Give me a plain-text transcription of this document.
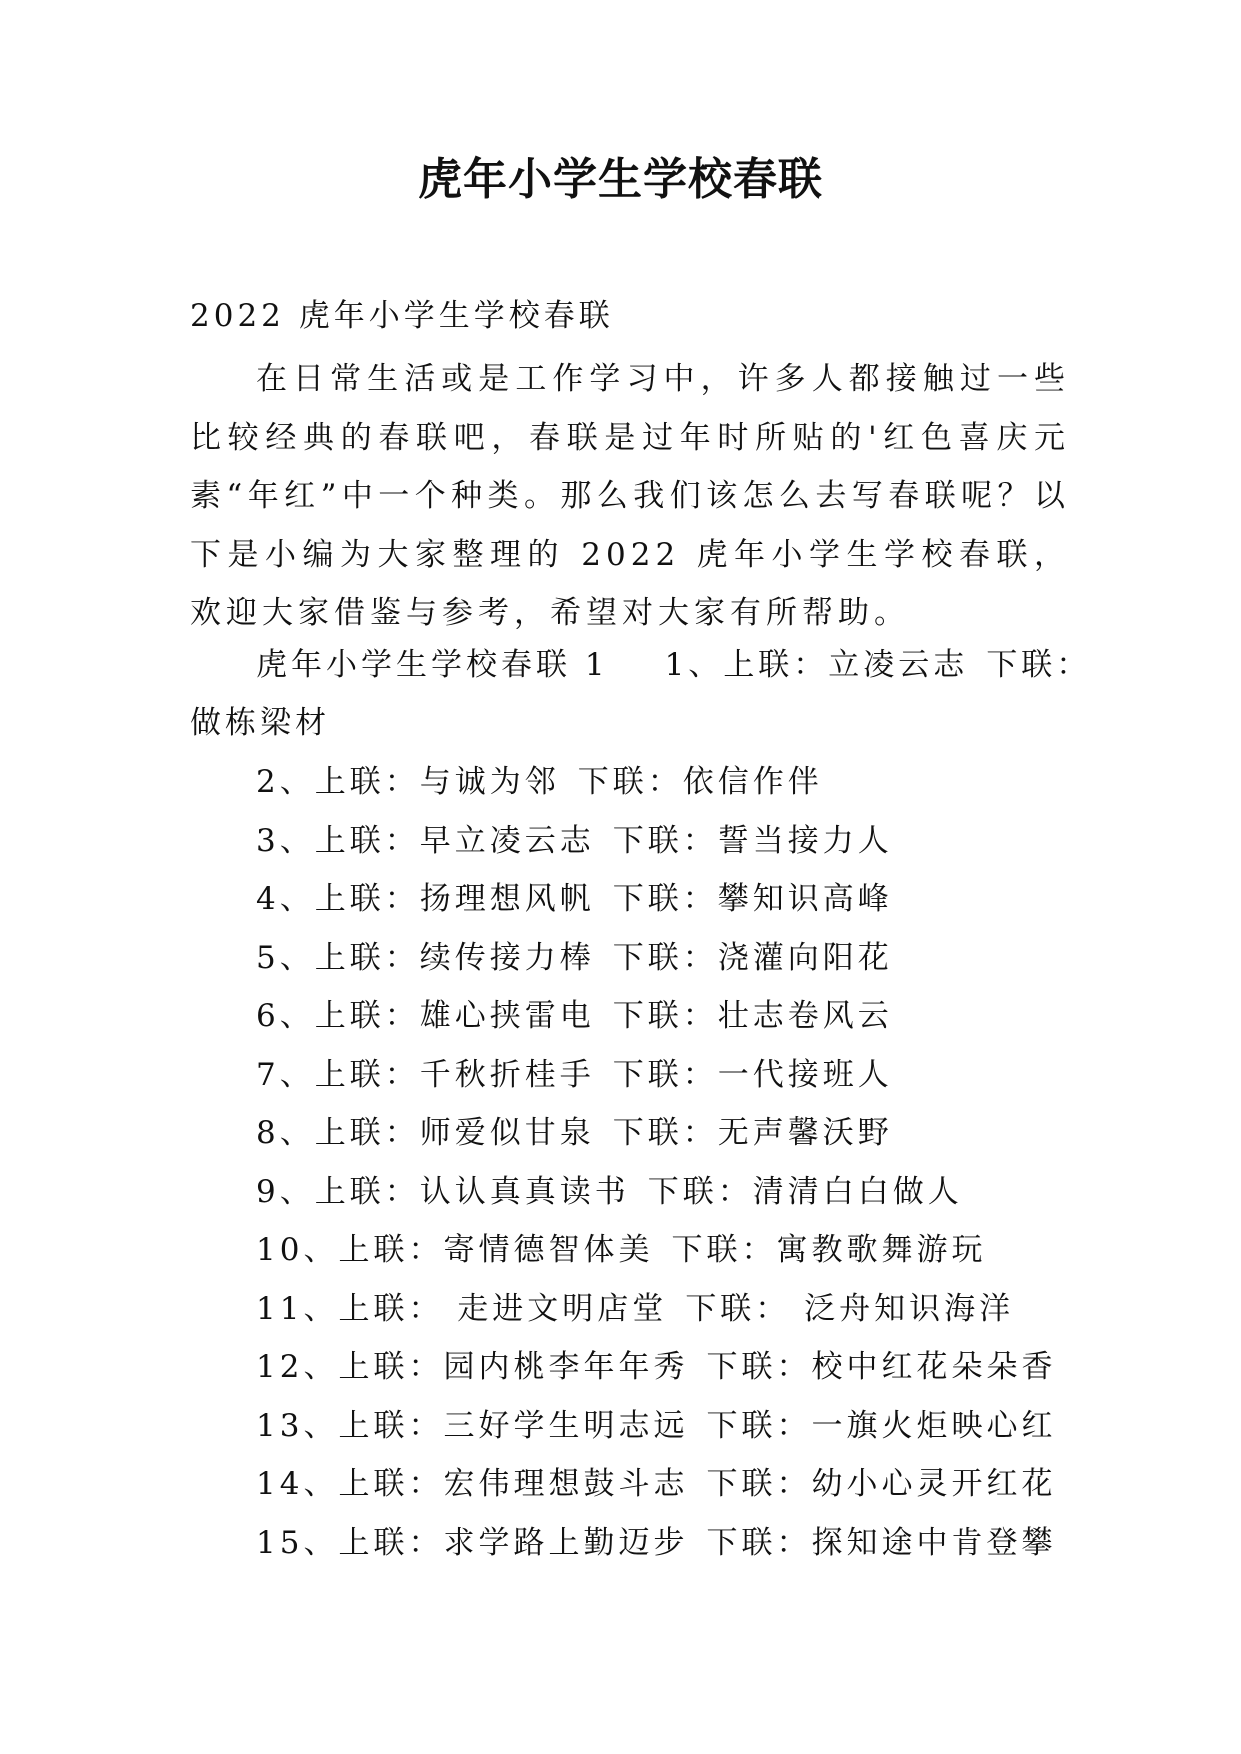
虎年小学生学校春联
2022 虎年小学生学校春联

在日常生活或是工作学习中，许多人都接触过一些比较经典的春联吧，春联是过年时所贴的'红色喜庆元素“年红”中一个种类。那么我们该怎么去写春联呢？以下是小编为大家整理的 2022 虎年小学生学校春联，欢迎大家借鉴与参考，希望对大家有所帮助。

虎年小学生学校春联 1 1、上联：立凌云志 下联：
做栋梁材
2、上联：与诚为邻 下联：依信作伴
3、上联：早立凌云志 下联：誓当接力人
4、上联：扬理想风帆 下联：攀知识高峰
5、上联：续传接力棒 下联：浇灌向阳花
6、上联：雄心挟雷电 下联：壮志卷风云
7、上联：千秋折桂手 下联：一代接班人
8、上联：师爱似甘泉 下联：无声馨沃野
9、上联：认认真真读书 下联：清清白白做人
10、上联：寄情德智体美 下联：寓教歌舞游玩
11、上联： 走进文明店堂 下联： 泛舟知识海洋
12、上联：园内桃李年年秀 下联：校中红花朵朵香
13、上联：三好学生明志远 下联：一旗火炬映心红
14、上联：宏伟理想鼓斗志 下联：幼小心灵开红花
15、上联：求学路上勤迈步 下联：探知途中肯登攀
